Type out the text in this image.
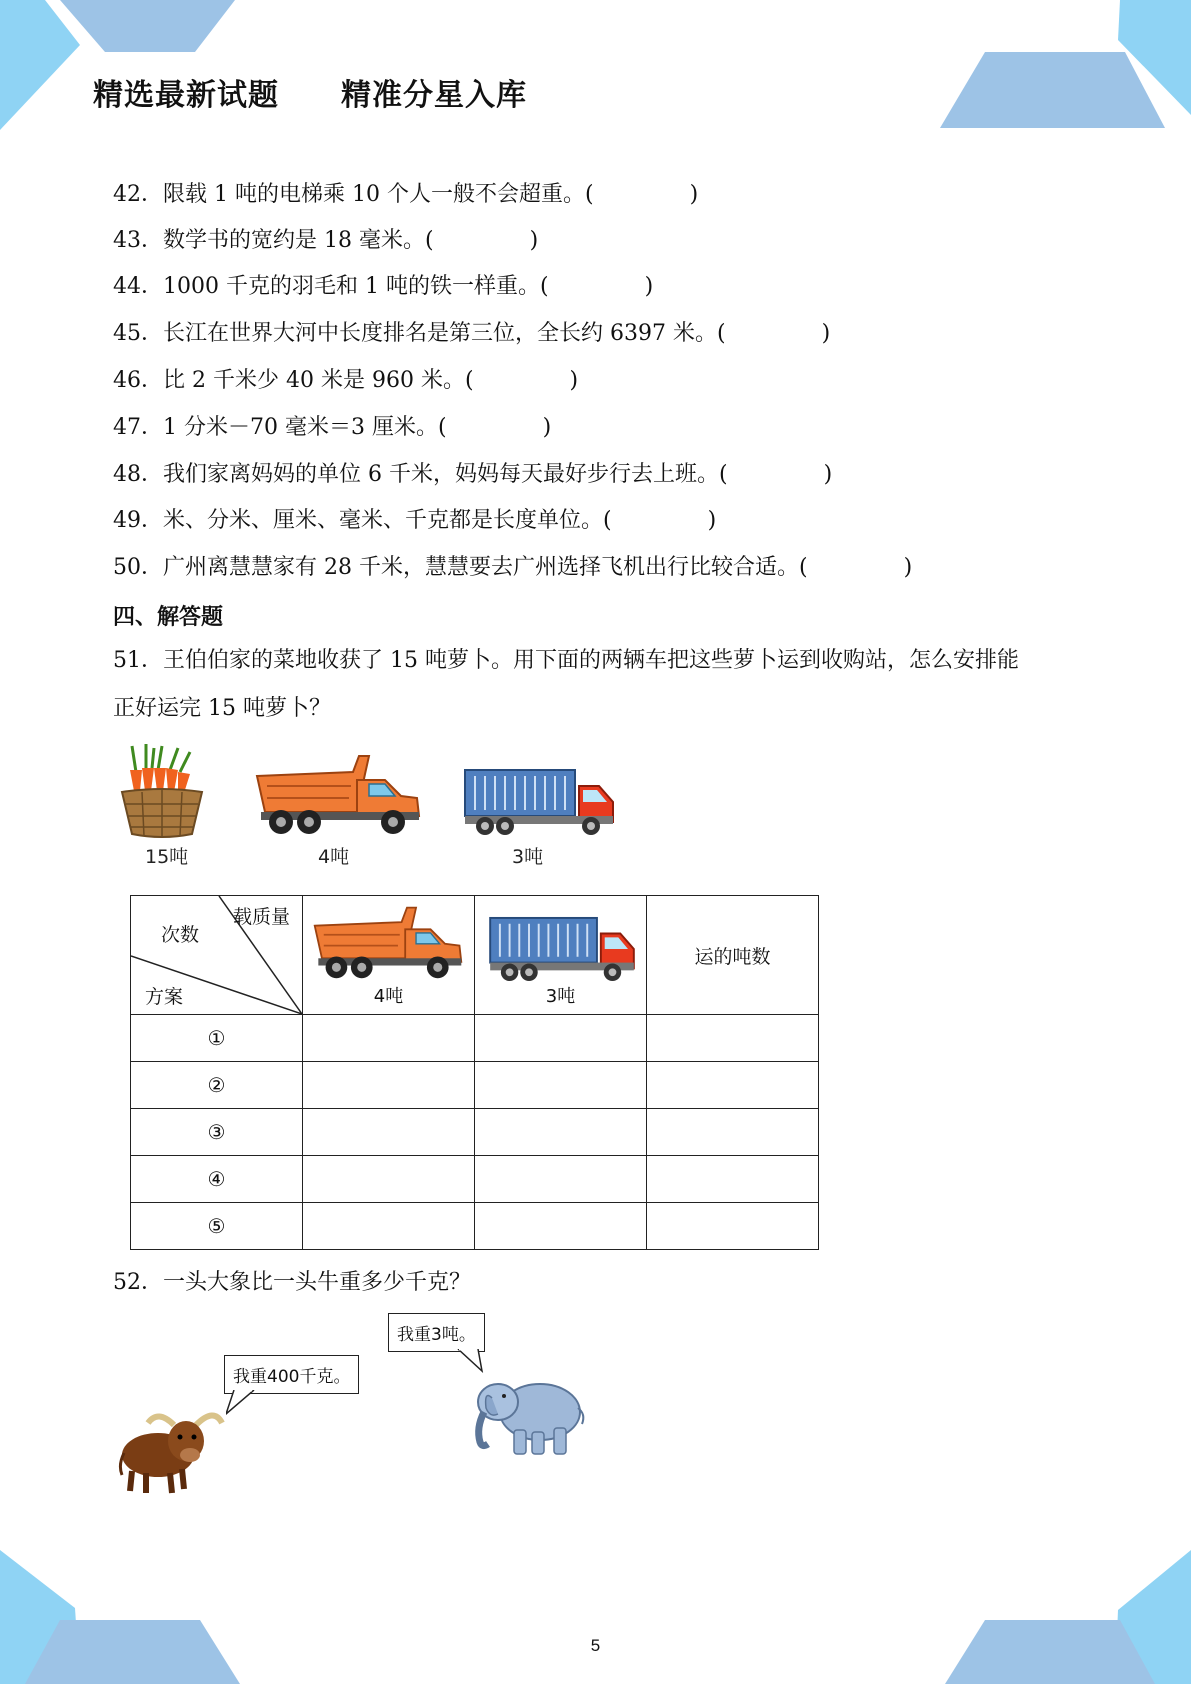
精选最新试题　　精准分星入库
42．限载 1 吨的电梯乘 10 个人一般不会超重。(	)
43．数学书的宽约是 18 毫米。(	)
44．1000 千克的羽毛和 1 吨的铁一样重。(	)
45．长江在世界大河中长度排名是第三位，全长约 6397 米。(	)
46．比 2 千米少 40 米是 960 米。(	)
47．1 分米－70 毫米＝3 厘米。(	)
48．我们家离妈妈的单位 6 千米，妈妈每天最好步行去上班。(	)
49．米、分米、厘米、毫米、千克都是长度单位。(	)
50．广州离慧慧家有 28 千米，慧慧要去广州选择飞机出行比较合适。(	)
四、解答题
51．王伯伯家的菜地收获了 15 吨萝卜。用下面的两辆车把这些萝卜运到收购站，怎么安排能
正好运完 15 吨萝卜？
15吨	4吨	3吨
载质量
次数
方案	4吨	3吨	运的吨数
①			
②			
③			
④			
⑤			
52．一头大象比一头牛重多少千克？
我重400千克。
我重3吨。
5
